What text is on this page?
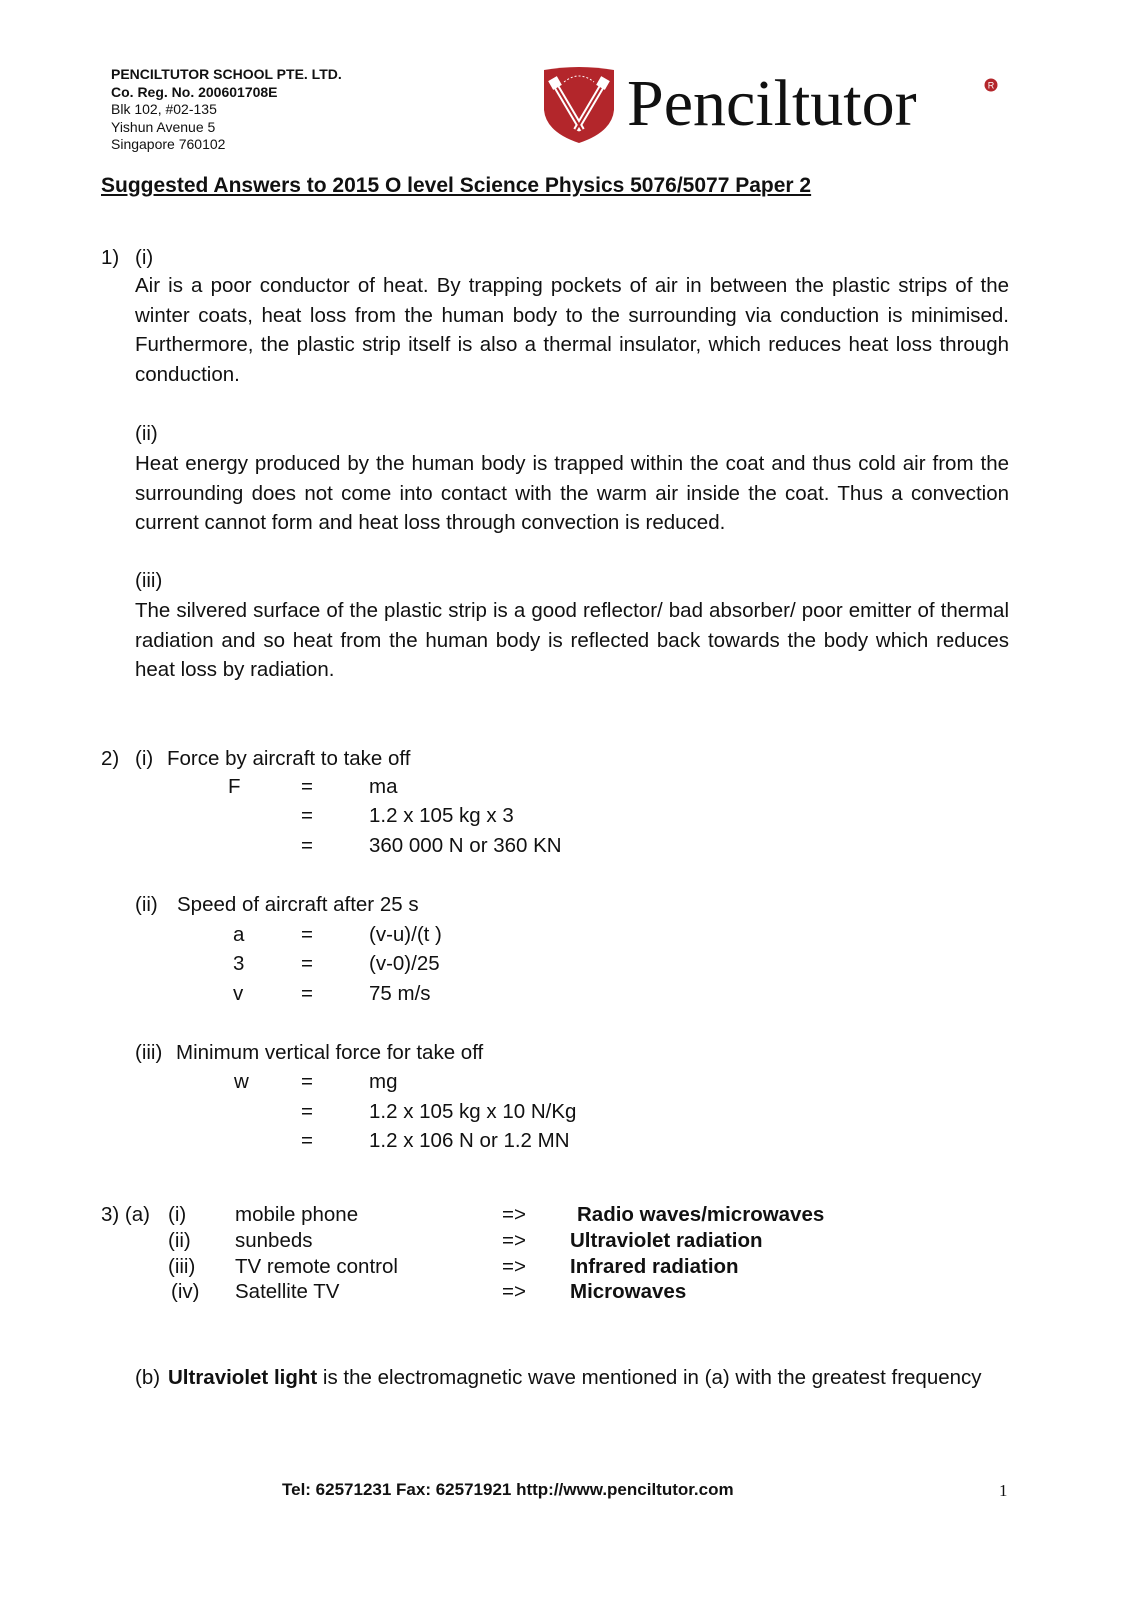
PENCILTUTOR SCHOOL PTE. LTD.
Co. Reg. No. 200601708E
Blk 102, #02-135
Yishun Avenue 5
Singapore 760102
Penciltutor	R
Suggested Answers to 2015 O level Science Physics 5076/5077 Paper 2
1) (i)
Air is a poor conductor of heat. By trapping pockets of air in between the plastic strips of the winter coats, heat loss from the human body to the surrounding via conduction is minimised. Furthermore, the plastic strip itself is also a thermal insulator, which reduces heat loss through conduction.
(ii)
Heat energy produced by the human body is trapped within the coat and thus cold air from the surrounding does not come into contact with the warm air inside the coat. Thus a convection current cannot form and heat loss through convection is reduced.
(iii)
The silvered surface of the plastic strip is a good reflector/ bad absorber/ poor emitter of thermal radiation and so heat from the human body is reflected back towards the body which reduces heat loss by radiation.
2) (i) Force by aircraft to take off
F	=	ma
=	1.2 x 105 kg x 3
=	360 000 N or 360 KN
(ii) Speed of aircraft after 25 s
a	=	(v-u)/(t )
3	=	(v-0)/25
v	=	75 m/s
(iii) Minimum vertical force for take off
w	=	mg
=	1.2 x 105 kg x 10 N/Kg
=	1.2 x 106 N or 1.2 MN
3) (a) (i) mobile phone	=> Radio waves/microwaves
(ii) sunbeds	=> Ultraviolet radiation
(iii) TV remote control	=> Infrared radiation
(iv) Satellite TV	=> Microwaves
(b) Ultraviolet light is the electromagnetic wave mentioned in (a) with the greatest frequency
Tel: 62571231 Fax: 62571921 http://www.penciltutor.com	1
